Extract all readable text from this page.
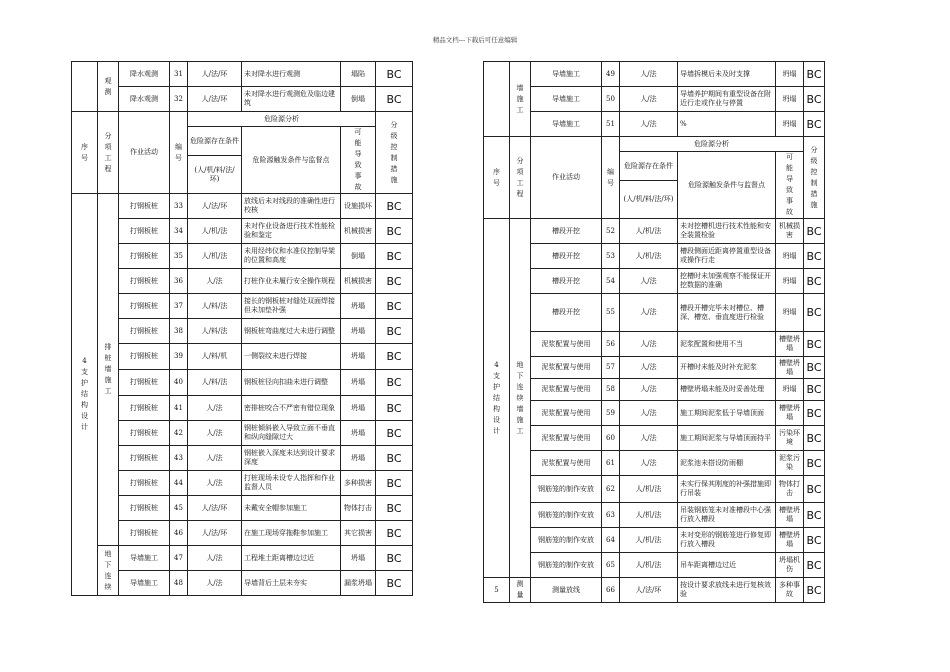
精品文档---下载后可任意编辑

	观测	降水观测	31	人/法/环	未对降水进行观测	塌陷	BC
		降水观测	32	人/法/环	未对降水进行观测危及临边建筑	倒塌	BC

序号	分项工程	作业活动	编号	危险源分析			分级控制措施

				危险源存在条件	危险源触发条件与监督点	可能导致事故	

				(人/机/料/法/环)			

4支护结构设计	排桩墙施工	打钢板桩	33	人/法/环	放线后未对线段的准确性进行校核	设施损坏	BC
		打钢板桩	34	人/机/法	未对作业设备进行技术性能检验和鉴定	机械损害	BC
		打钢板桩	35	人/机/法	未用经纬仪和水准仪控制导架的位置和高度	倒塌	BC
		打钢板桩	36	人/法	打桩作业未履行安全操作规程	机械损害	BC
		打钢板桩	37	人/料/法	接长的钢板桩对缝处双面焊接但未加垫补强	坍塌	BC
		打钢板桩	38	人/料/法	钢板桩弯曲度过大未进行调整	坍塌	BC
		打钢板桩	39	人/料/机	一侧裂纹未进行焊接	坍塌	BC
		打钢板桩	40	人/料/法	钢板桩径向扣曲未进行调整	坍塌	BC
		打钢板桩	41	人/法	密排桩咬合不严密有错位现象	坍塌	BC
		打钢板桩	42	人/法	钢桩倾斜嵌入导致立面不垂直和纵向缝隙过大	坍塌	BC
		打钢板桩	43	人/法	钢桩嵌入深度未达到设计要求深度	坍塌	BC
		打钢板桩	44	人/法	打桩现场未设专人指挥和作业监督人员	多种损害	BC
		打钢板桩	45	人/法/环	未戴安全帽参加施工	物体打击	BC
		打钢板桩	46	人/法/环	在施工现场穿拖鞋参加施工	其它损害	BC

	地下连续	导墙施工	47	人/法	工程堆土距离槽边过近	坍塌	BC
		导墙施工	48	人/法	导墙背后土层未夯实	漏浆坍塌	BC

	墙施工	导墙施工	49	人/法	导墙拆模后未及时支撑	坍塌	BC
		导墙施工	50	人/法	导墙养护期间有重型设备在附近行走或作业与停置	坍塌	BC
		导墙施工	51	人/法	%	坍塌	BC

序号	分项工程	作业活动	编号	危险源分析			分级控制措施

				危险源存在条件	危险源触发条件与监督点	可能导致事故	

				(人/机/料/法/环)			

4支护结构设计	地下连续墙施工	槽段开挖	52	人/机/法	未对挖槽机进行技术性能和安全装置检验	机械损害	BC
		槽段开挖	53	人/机/法	槽段侧面近距离停置重型设备或操作行走	坍塌	BC
		槽段开挖	54	人/法	挖槽时未加强观察不能保证开挖数据的准确	坍塌	BC
		槽段开挖	55	人/法	槽段开槽完毕未对槽位、槽深、槽宽、垂直度进行检验	坍塌	BC
		泥浆配置与使用	56	人/法	泥浆配置和使用不当	槽壁坍塌	BC
		泥浆配置与使用	57	人/法	开槽时未能及时补充泥浆	槽壁坍塌	BC
		泥浆配置与使用	58	人/法	槽壁坍塌未能及时妥善处理	坍塌	BC
		泥浆配置与使用	59	人/法	施工期间泥浆低于导墙顶面	槽壁坍塌	BC
		泥浆配置与使用	60	人/法	施工期间泥浆与导墙顶面持平	污染环境	BC
		泥浆配置与使用	61	人/法	泥浆池未搭设防雨棚	泥浆污染	BC
		钢筋笼的制作安放	62	人/机/法	未实行保其刚度的补强措施即行吊装	物体打击	BC
		钢筋笼的制作安放	63	人/机/法	吊装钢筋笼未对准槽段中心强行放入槽段	槽壁坍塌	BC
		钢筋笼的制作安放	64	人/机/法	未对变形的钢筋笼进行修复即行放入槽段	槽壁坍塌	BC
		钢筋笼的制作安放	65	人/机/法	吊车距离槽边过近	坍塌机伤	BC
5	测量	测量放线	66	人/法/环	按设计要求放线未进行复核效验	多种事故	BC
